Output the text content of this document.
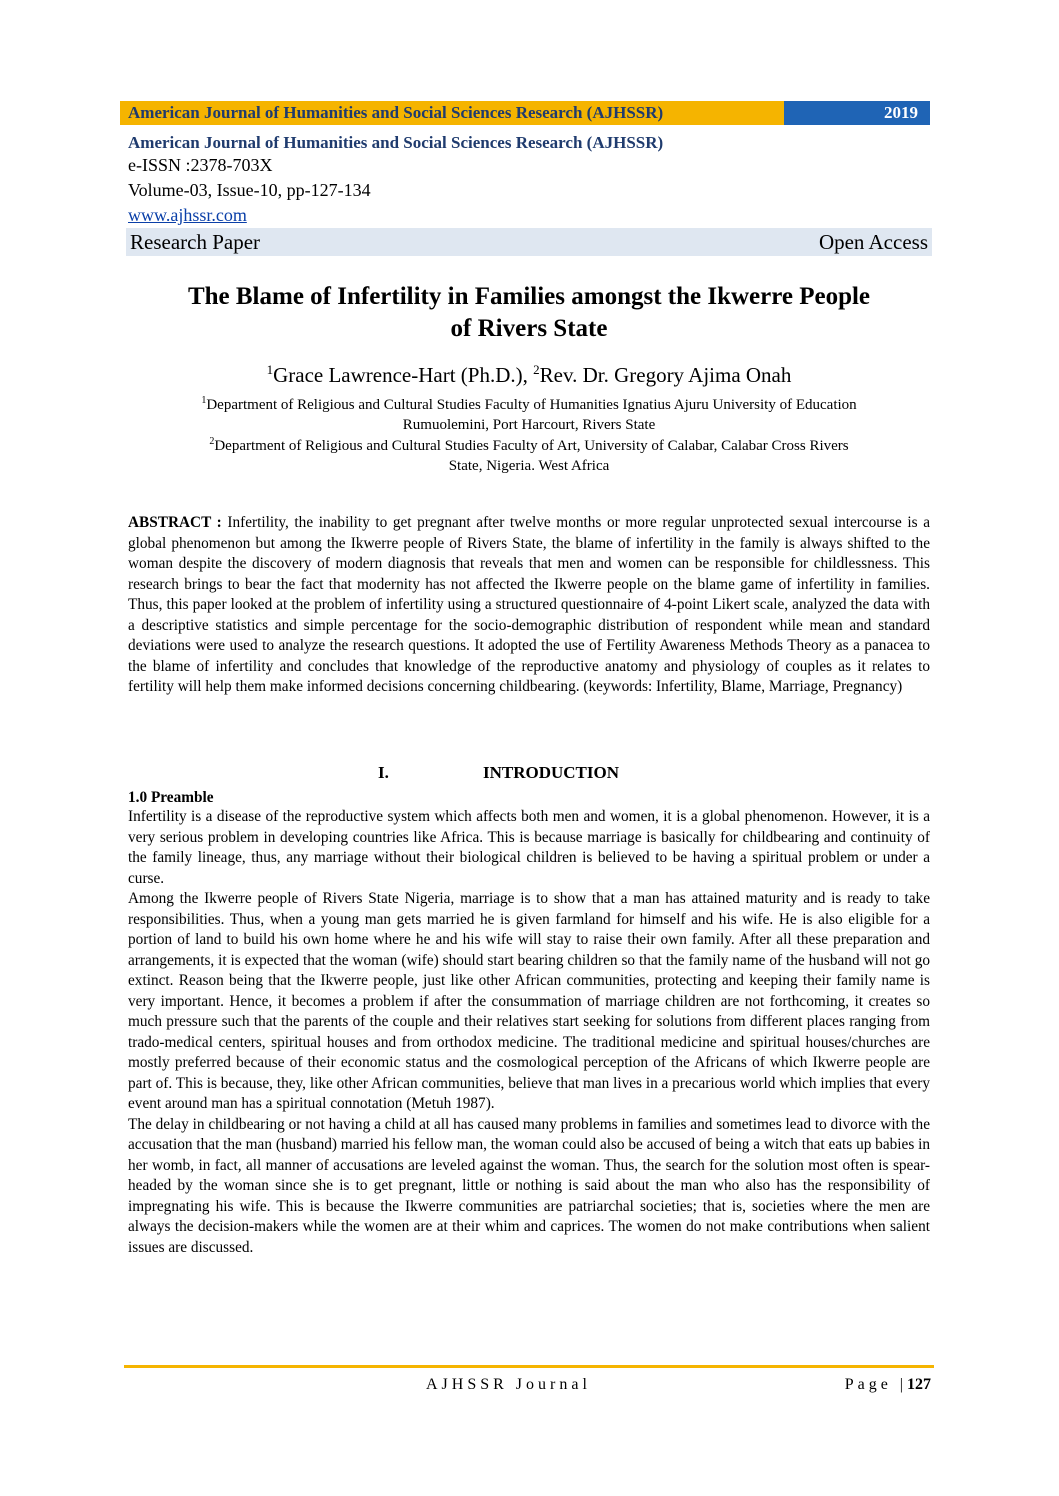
American Journal of Humanities and Social Sciences Research (AJHSSR)	2019
American Journal of Humanities and Social Sciences Research (AJHSSR)
e-ISSN :2378-703X
Volume-03, Issue-10, pp-127-134
www.ajhssr.com
Research Paper	Open Access
The Blame of Infertility in Families amongst the Ikwerre People
of Rivers State
$^1$Grace Lawrence-Hart (Ph.D.), $^2$Rev. Dr. Gregory Ajima Onah
$^1$Department of Religious and Cultural Studies Faculty of Humanities Ignatius Ajuru University of Education
Rumuolemini, Port Harcourt, Rivers State
$^2$Department of Religious and Cultural Studies Faculty of Art, University of Calabar, Calabar Cross Rivers
State, Nigeria. West Africa

ABSTRACT : Infertility, the inability to get pregnant after twelve months or more regular unprotected sexual intercourse is a global phenomenon but among the Ikwerre people of Rivers State, the blame of infertility in the family is always shifted to the woman despite the discovery of modern diagnosis that reveals that men and women can be responsible for childlessness. This research brings to bear the fact that modernity has not affected the Ikwerre people on the blame game of infertility in families. Thus, this paper looked at the problem of infertility using a structured questionnaire of 4-point Likert scale, analyzed the data with a descriptive statistics and simple percentage for the socio-demographic distribution of respondent while mean and standard deviations were used to analyze the research questions. It adopted the use of Fertility Awareness Methods Theory as a panacea to the blame of infertility and concludes that knowledge of the reproductive anatomy and physiology of couples as it relates to fertility will help them make informed decisions concerning childbearing. (keywords: Infertility, Blame, Marriage, Pregnancy)

I.	INTRODUCTION
1.0 Preamble

Infertility is a disease of the reproductive system which affects both men and women, it is a global phenomenon. However, it is a very serious problem in developing countries like Africa. This is because marriage is basically for childbearing and continuity of the family lineage, thus, any marriage without their biological children is believed to be having a spiritual problem or under a curse.

Among the Ikwerre people of Rivers State Nigeria, marriage is to show that a man has attained maturity and is ready to take responsibilities. Thus, when a young man gets married he is given farmland for himself and his wife. He is also eligible for a portion of land to build his own home where he and his wife will stay to raise their own family. After all these preparation and arrangements, it is expected that the woman (wife) should start bearing children so that the family name of the husband will not go extinct. Reason being that the Ikwerre people, just like other African communities, protecting and keeping their family name is very important. Hence, it becomes a problem if after the consummation of marriage children are not forthcoming, it creates so much pressure such that the parents of the couple and their relatives start seeking for solutions from different places ranging from trado-medical centers, spiritual houses and from orthodox medicine. The traditional medicine and spiritual houses/churches are mostly preferred because of their economic status and the cosmological perception of the Africans of which Ikwerre people are part of. This is because, they, like other African communities, believe that man lives in a precarious world which implies that every event around man has a spiritual connotation (Metuh 1987).

The delay in childbearing or not having a child at all has caused many problems in families and sometimes lead to divorce with the accusation that the man (husband) married his fellow man, the woman could also be accused of being a witch that eats up babies in her womb, in fact, all manner of accusations are leveled against the woman. Thus, the search for the solution most often is spear-headed by the woman since she is to get pregnant, little or nothing is said about the man who also has the responsibility of impregnating his wife. This is because the Ikwerre communities are patriarchal societies; that is, societies where the men are always the decision-makers while the women are at their whim and caprices. The women do not make contributions when salient issues are discussed.

AJHSSR Journal	Page |127
